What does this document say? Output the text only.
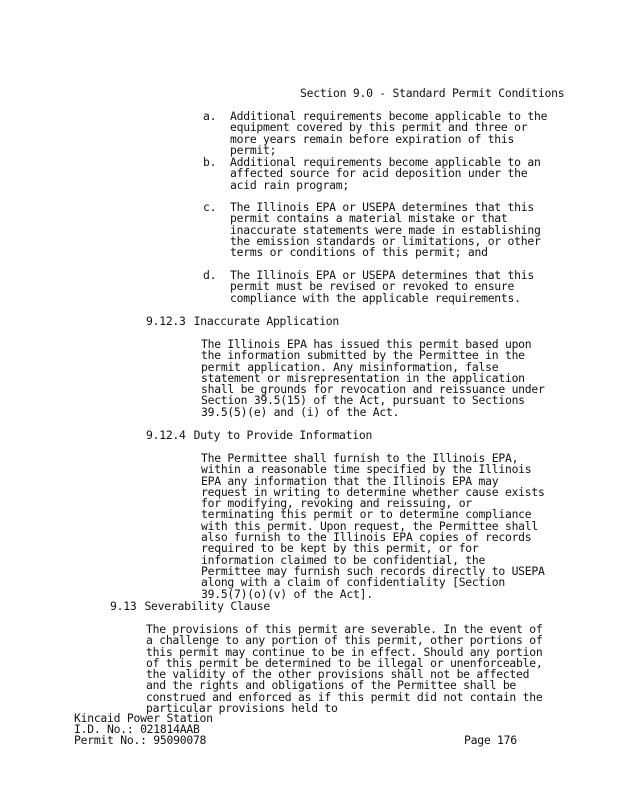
Section 9.0 - Standard Permit Conditions
a.	Additional requirements become applicable to the equipment covered by this permit and three or more years remain before expiration of this permit;
b.	Additional requirements become applicable to an affected source for acid deposition under the acid rain program;
c.	The Illinois EPA or USEPA determines that this permit contains a material mistake or that inaccurate statements were made in establishing the emission standards or limitations, or other terms or conditions of this permit; and
d.	The Illinois EPA or USEPA determines that this permit must be revised or revoked to ensure compliance with the applicable requirements.
9.12.3 Inaccurate Application
The Illinois EPA has issued this permit based upon the information submitted by the Permittee in the permit application. Any misinformation, false statement or misrepresentation in the application shall be grounds for revocation and reissuance under Section 39.5(15) of the Act, pursuant to Sections 39.5(5)(e) and (i) of the Act.
9.12.4 Duty to Provide Information
The Permittee shall furnish to the Illinois EPA, within a reasonable time specified by the Illinois EPA any information that the Illinois EPA may request in writing to determine whether cause exists for modifying, revoking and reissuing, or terminating this permit or to determine compliance with this permit. Upon request, the Permittee shall also furnish to the Illinois EPA copies of records required to be kept by this permit, or for information claimed to be confidential, the Permittee may furnish such records directly to USEPA along with a claim of confidentiality [Section 39.5(7)(o)(v) of the Act].
9.13 Severability Clause
The provisions of this permit are severable. In the event of a challenge to any portion of this permit, other portions of this permit may continue to be in effect. Should any portion of this permit be determined to be illegal or unenforceable, the validity of the other provisions shall not be affected and the rights and obligations of the Permittee shall be construed and enforced as if this permit did not contain the particular provisions held to
Kincaid Power Station
I.D. No.: 021814AAB
Permit No.: 95090078	Page 176
